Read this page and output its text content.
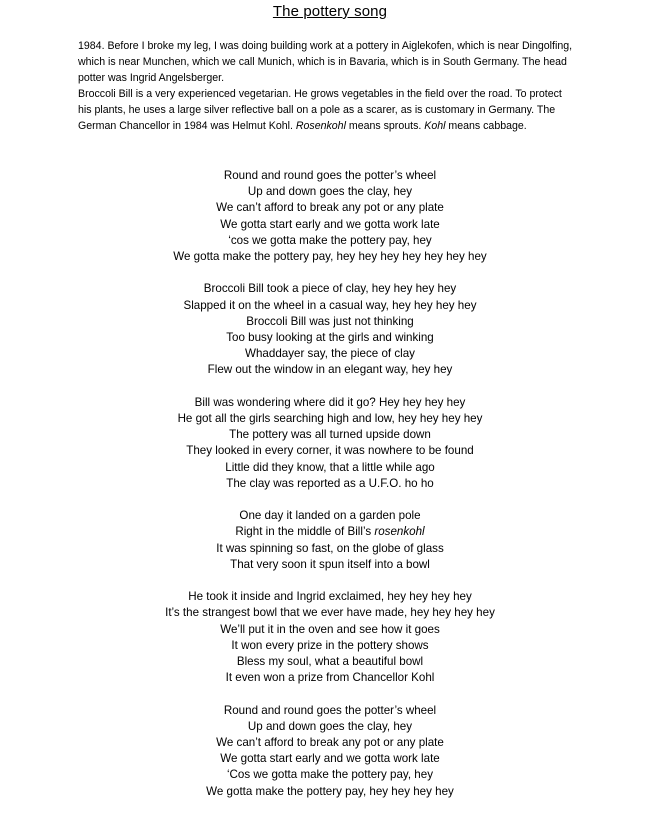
The pottery song

1984. Before I broke my leg, I was doing building work at a pottery in Aiglekofen, which is near Dingolfing, which is near Munchen, which we call Munich, which is in Bavaria, which is in South Germany. The head potter was Ingrid Angelsberger.

Broccoli Bill is a very experienced vegetarian. He grows vegetables in the field over the road. To protect his plants, he uses a large silver reflective ball on a pole as a scarer, as is customary in Germany. The German Chancellor in 1984 was Helmut Kohl. Rosenkohl means sprouts. Kohl means cabbage.

Round and round goes the potter’s wheel
Up and down goes the clay, hey
We can’t afford to break any pot or any plate
We gotta start early and we gotta work late
‘cos we gotta make the pottery pay, hey
We gotta make the pottery pay, hey hey hey hey hey hey hey
Broccoli Bill took a piece of clay, hey hey hey hey
Slapped it on the wheel in a casual way, hey hey hey hey
Broccoli Bill was just not thinking
Too busy looking at the girls and winking
Whaddayer say, the piece of clay
Flew out the window in an elegant way, hey hey
Bill was wondering where did it go? Hey hey hey hey
He got all the girls searching high and low, hey hey hey hey
The pottery was all turned upside down
They looked in every corner, it was nowhere to be found
Little did they know, that a little while ago
The clay was reported as a U.F.O. ho ho
One day it landed on a garden pole
Right in the middle of Bill’s rosenkohl
It was spinning so fast, on the globe of glass
That very soon it spun itself into a bowl
He took it inside and Ingrid exclaimed, hey hey hey hey
It’s the strangest bowl that we ever have made, hey hey hey hey
We’ll put it in the oven and see how it goes
It won every prize in the pottery shows
Bless my soul, what a beautiful bowl
It even won a prize from Chancellor Kohl
Round and round goes the potter’s wheel
Up and down goes the clay, hey
We can’t afford to break any pot or any plate
We gotta start early and we gotta work late
‘Cos we gotta make the pottery pay, hey
We gotta make the pottery pay, hey hey hey hey
